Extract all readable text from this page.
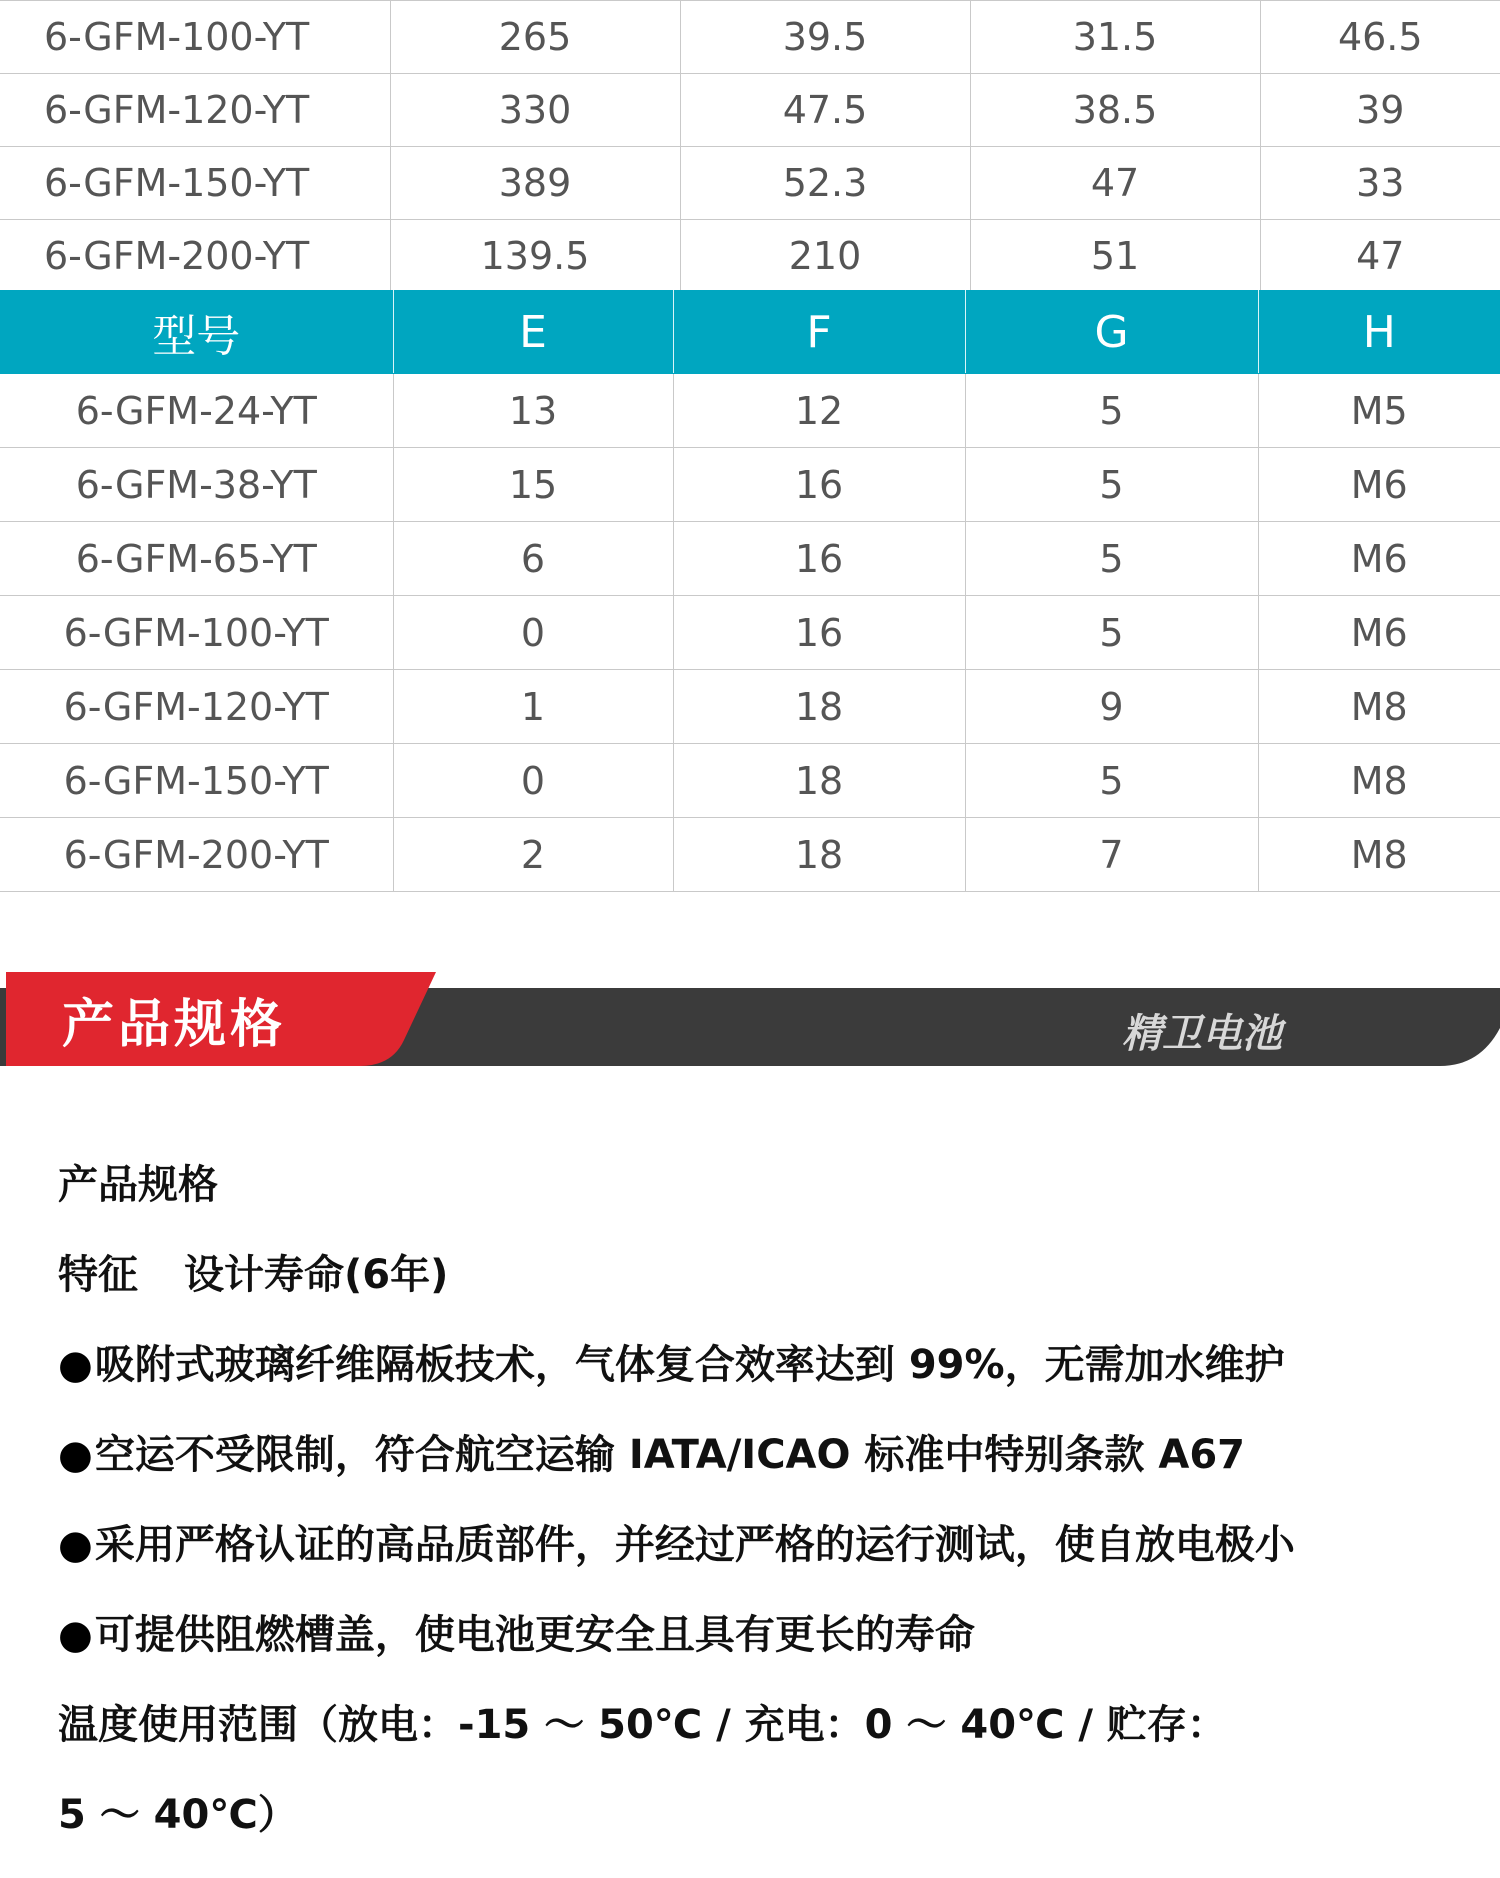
6-GFM-100-YT	265	39.5	31.5	46.5
6-GFM-120-YT	330	47.5	38.5	39
6-GFM-150-YT	389	52.3	47	33
6-GFM-200-YT	139.5	210	51	47
型号	E	F	G	H
6-GFM-24-YT	13	12	5	M5
6-GFM-38-YT	15	16	5	M6
6-GFM-65-YT	6	16	5	M6
6-GFM-100-YT	0	16	5	M6
6-GFM-120-YT	1	18	9	M8
6-GFM-150-YT	0	18	5	M8
6-GFM-200-YT	2	18	7	M8
产品规格	精卫电池
产品规格
特征 设计寿命(6年)
●吸附式玻璃纤维隔板技术，气体复合效率达到 99%，无需加水维护
●空运不受限制，符合航空运输 IATA/ICAO 标准中特别条款 A67
●采用严格认证的高品质部件，并经过严格的运行测试，使自放电极小
●可提供阻燃槽盖，使电池更安全且具有更长的寿命
温度使用范围（放电：-15 ～ 50℃ / 充电：0 ～ 40℃ / 贮存：
5 ～ 40℃）
